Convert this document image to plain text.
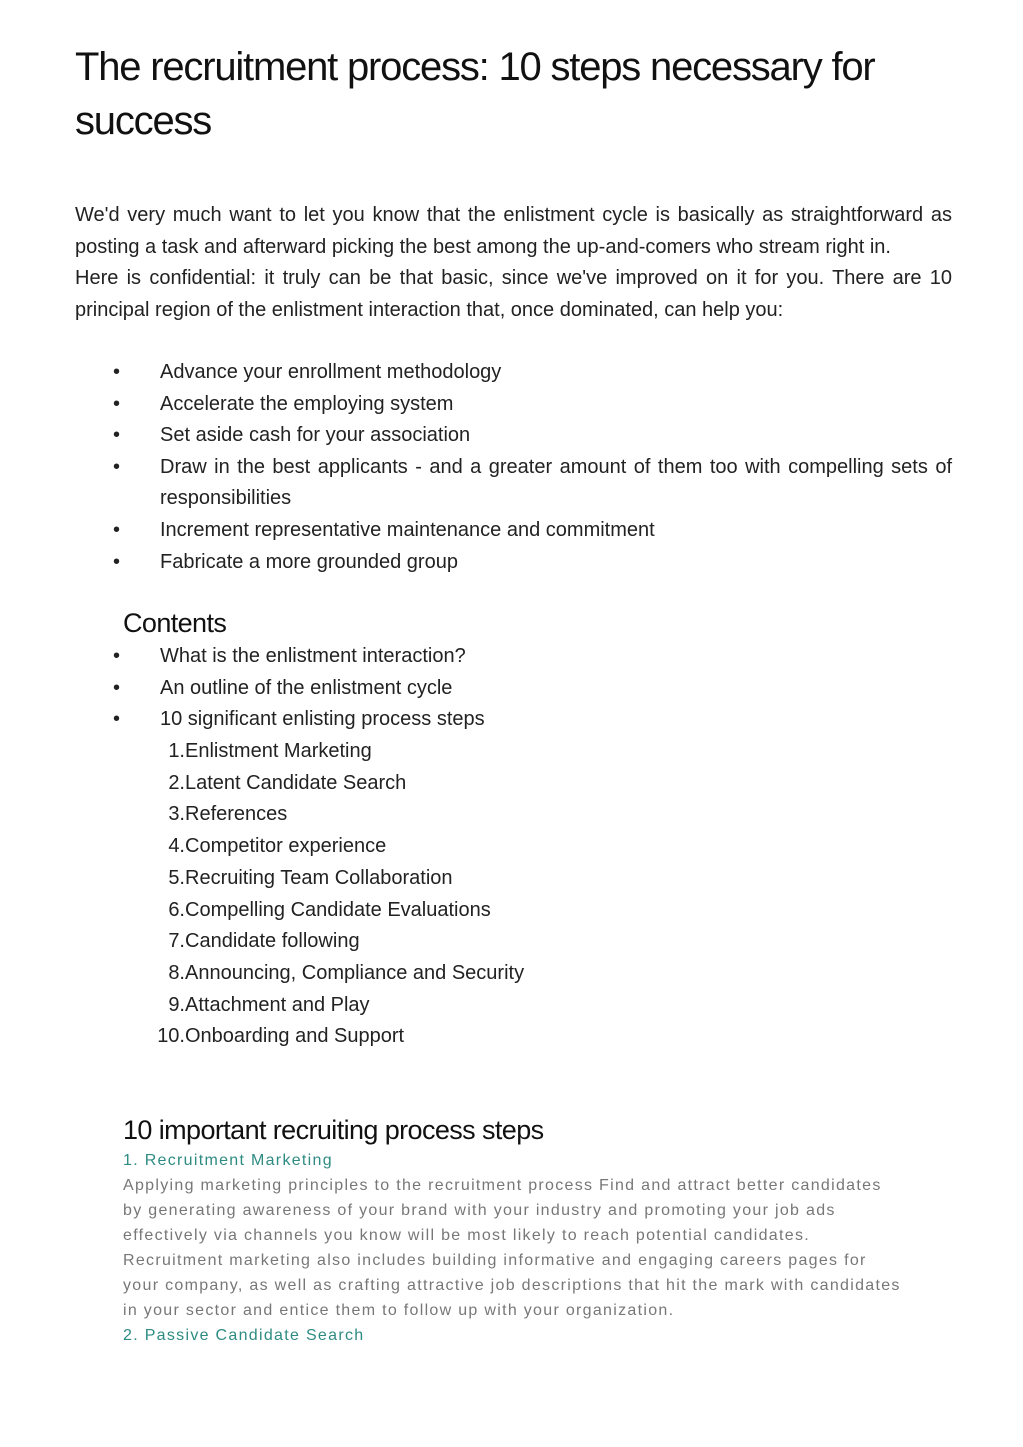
The recruitment process: 10 steps necessary for success

We'd very much want to let you know that the enlistment cycle is basically as straightforward as posting a task and afterward picking the best among the up-and-comers who stream right in.

Here is confidential: it truly can be that basic, since we've improved on it for you. There are 10 principal region of the enlistment interaction that, once dominated, can help you:

• Advance your enrollment methodology
• Accelerate the employing system
• Set aside cash for your association
• Draw in the best applicants - and a greater amount of them too with compelling sets of responsibilities
• Increment representative maintenance and commitment
• Fabricate a more grounded group
Contents
• What is the enlistment interaction?
• An outline of the enlistment cycle
• 10 significant enlisting process steps
1. Enlistment Marketing
2. Latent Candidate Search
3. References
4. Competitor experience
5. Recruiting Team Collaboration
6. Compelling Candidate Evaluations
7. Candidate following
8. Announcing, Compliance and Security
9. Attachment and Play
10. Onboarding and Support
10 important recruiting process steps
1. Recruitment Marketing

Applying marketing principles to the recruitment process Find and attract better candidates by generating awareness of your brand with your industry and promoting your job ads effectively via channels you know will be most likely to reach potential candidates.

Recruitment marketing also includes building informative and engaging careers pages for your company, as well as crafting attractive job descriptions that hit the mark with candidates in your sector and entice them to follow up with your organization.

2. Passive Candidate Search
